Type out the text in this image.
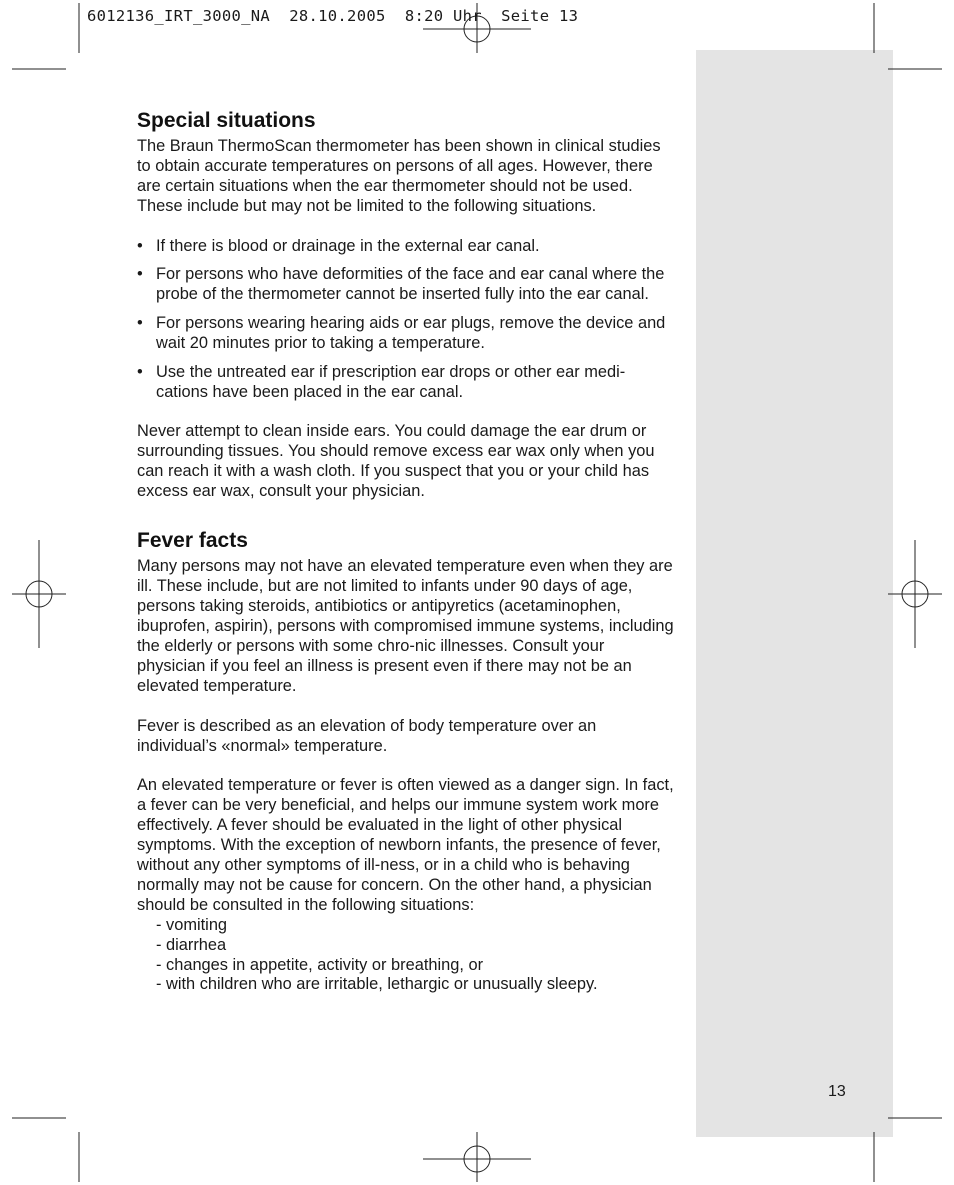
6012136_IRT_3000_NA  28.10.2005  8:20 Uhr  Seite 13
Special situations

The Braun ThermoScan thermometer has been shown in clinical studies to obtain accurate temperatures on persons of all ages. However, there are certain situations when the ear thermometer should not be used. These include but may not be limited to the following situations.

• If there is blood or drainage in the external ear canal.
• For persons who have deformities of the face and ear canal where the probe of the thermometer cannot be inserted fully into the ear canal.
• For persons wearing hearing aids or ear plugs, remove the device and wait 20 minutes prior to taking a temperature.
• Use the untreated ear if prescription ear drops or other ear medi-cations have been placed in the ear canal.

Never attempt to clean inside ears. You could damage the ear drum or surrounding tissues. You should remove excess ear wax only when you can reach it with a wash cloth. If you suspect that you or your child has excess ear wax, consult your physician.

Fever facts

Many persons may not have an elevated temperature even when they are ill. These include, but are not limited to infants under 90 days of age, persons taking steroids, antibiotics or antipyretics (acetaminophen, ibuprofen, aspirin), persons with compromised immune systems, including the elderly or persons with some chro-nic illnesses. Consult your physician if you feel an illness is present even if there may not be an elevated temperature.

Fever is described as an elevation of body temperature over an individual’s «normal» temperature.

An elevated temperature or fever is often viewed as a danger sign. In fact, a fever can be very beneficial, and helps our immune system work more effectively. A fever should be evaluated in the light of other physical symptoms. With the exception of newborn infants, the presence of fever, without any other symptoms of ill-ness, or in a child who is behaving normally may not be cause for concern. On the other hand, a physician should be consulted in the following situations:

- vomiting
- diarrhea
- changes in appetite, activity or breathing, or
- with children who are irritable, lethargic or unusually sleepy.
13
